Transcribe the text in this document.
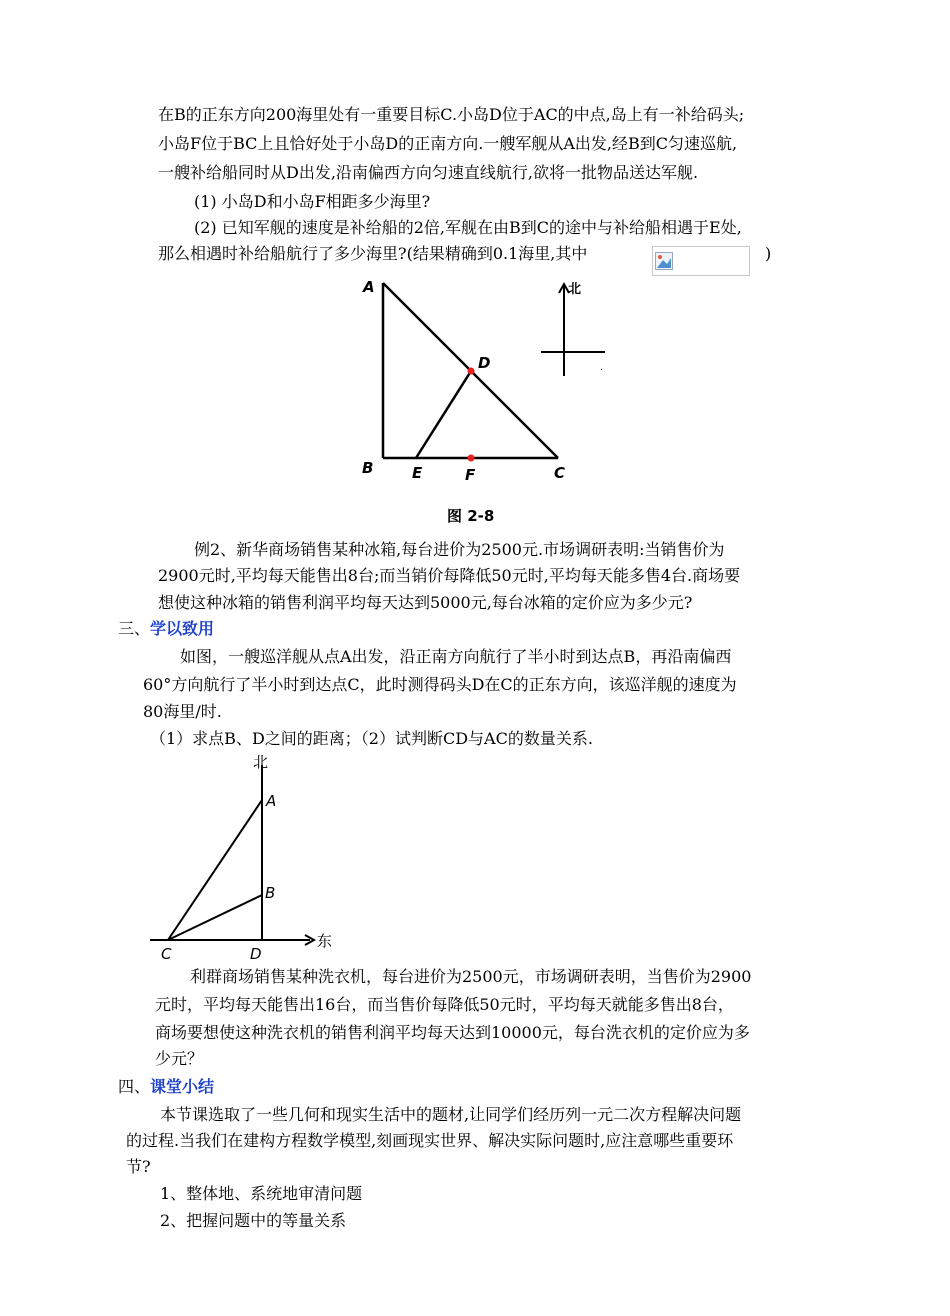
在B的正东方向200海里处有一重要目标C.小岛D位于AC的中点,岛上有一补给码头;
小岛F位于BC上且恰好处于小岛D的正南方向.一艘军舰从A出发,经B到C匀速巡航,
一艘补给船同时从D出发,沿南偏西方向匀速直线航行,欲将一批物品送达军舰.
(1) 小岛D和小岛F相距多少海里?
(2) 已知军舰的速度是补给船的2倍,军舰在由B到C的途中与补给船相遇于E处,
那么相遇时补给船航行了多少海里?(结果精确到0.1海里,其中	)
A
B	C
D
E	F
北
.
图 2-8
例2、新华商场销售某种冰箱,每台进价为2500元.市场调研表明:当销售价为
2900元时,平均每天能售出8台;而当销价每降低50元时,平均每天能多售4台.商场要
想使这种冰箱的销售利润平均每天达到5000元,每台冰箱的定价应为多少元?
三、学以致用
如图，一艘巡洋舰从点A出发，沿正南方向航行了半小时到达点B，再沿南偏西
60°方向航行了半小时到达点C，此时测得码头D在C的正东方向，该巡洋舰的速度为
80海里/时.
（1）求点B、D之间的距离；（2）试判断CD与AC的数量关系.
北
A
B
C	D
东
利群商场销售某种洗衣机，每台进价为2500元，市场调研表明，当售价为2900
元时，平均每天能售出16台，而当售价每降低50元时，平均每天就能多售出8台，
商场要想使这种洗衣机的销售利润平均每天达到10000元，每台洗衣机的定价应为多
少元？
四、课堂小结
本节课选取了一些几何和现实生活中的题材,让同学们经历列一元二次方程解决问题
的过程.当我们在建构方程数学模型,刻画现实世界、解决实际问题时,应注意哪些重要环
节?
1、整体地、系统地审清问题
2、把握问题中的等量关系
